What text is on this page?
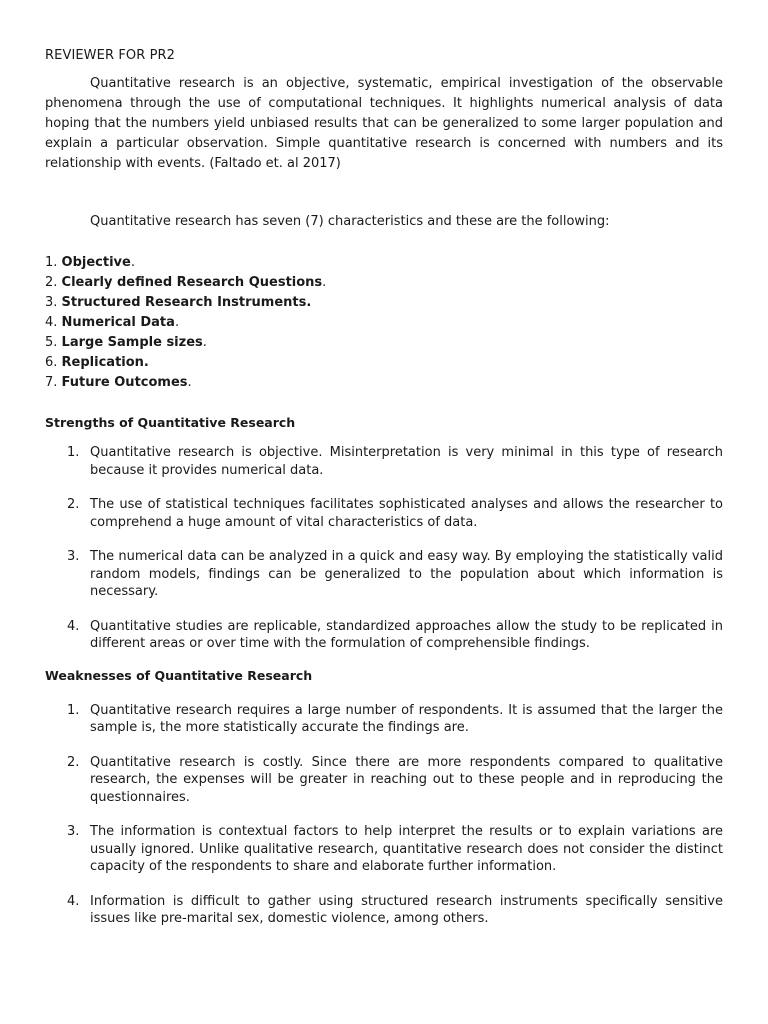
REVIEWER FOR PR2

Quantitative research is an objective, systematic, empirical investigation of the observable phenomena through the use of computational techniques. It highlights numerical analysis of data hoping that the numbers yield unbiased results that can be generalized to some larger population and explain a particular observation. Simple quantitative research is concerned with numbers and its relationship with events. (Faltado et. al 2017)

Quantitative research has seven (7) characteristics and these are the following:

1. Objective.
2. Clearly defined Research Questions.
3. Structured Research Instruments.
4. Numerical Data.
5. Large Sample sizes.
6. Replication.
7. Future Outcomes.
Strengths of Quantitative Research
1. Quantitative research is objective. Misinterpretation is very minimal in this type of research because it provides numerical data.
2. The use of statistical techniques facilitates sophisticated analyses and allows the researcher to comprehend a huge amount of vital characteristics of data.
3. The numerical data can be analyzed in a quick and easy way. By employing the statistically valid random models, findings can be generalized to the population about which information is necessary.
4. Quantitative studies are replicable, standardized approaches allow the study to be replicated in different areas or over time with the formulation of comprehensible findings.
Weaknesses of Quantitative Research
1. Quantitative research requires a large number of respondents. It is assumed that the larger the sample is, the more statistically accurate the findings are.
2. Quantitative research is costly. Since there are more respondents compared to qualitative research, the expenses will be greater in reaching out to these people and in reproducing the questionnaires.
3. The information is contextual factors to help interpret the results or to explain variations are usually ignored. Unlike qualitative research, quantitative research does not consider the distinct capacity of the respondents to share and elaborate further information.
4. Information is difficult to gather using structured research instruments specifically sensitive issues like pre-marital sex, domestic violence, among others.
